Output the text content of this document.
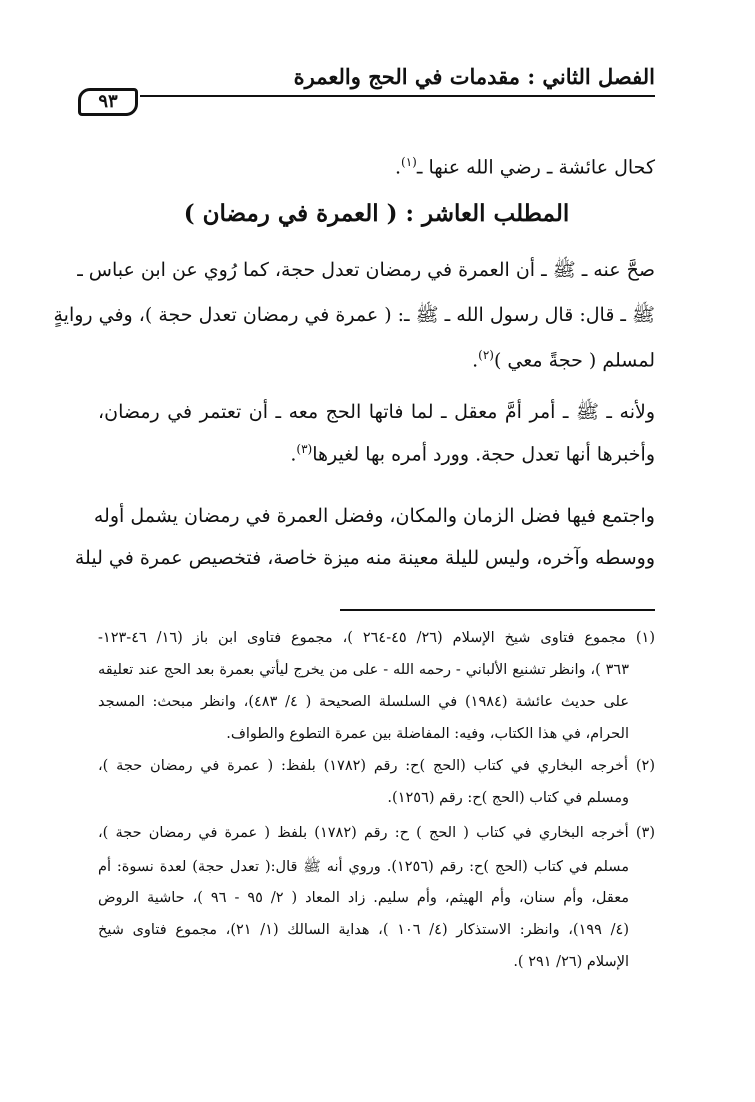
الفصل الثاني : مقدمات في الحج والعمرة
٩٣
كحال عائشة ـ رضي الله عنها ـ$^{(١)}$.
المطلب العاشر : ( العمرة في رمضان )
صحَّ عنه ـ ﷺ ـ أن العمرة في رمضان تعدل حجة، كما رُوي عن ابن عباس ـ
ﷺ ـ قال: قال رسول الله ـ ﷺ ـ: ( عمرة في رمضان تعدل حجة )، وفي روايةٍ
لمسلم ( حجةً معي )$^{(٢)}$.
ولأنه ـ ﷺ ـ أمر أمَّ معقل ـ لما فاتها الحج معه ـ أن تعتمر في رمضان،
وأخبرها أنها تعدل حجة. وورد أمره بها لغيرها$^{(٣)}$.
واجتمع فيها فضل الزمان والمكان، وفضل العمرة في رمضان يشمل أوله
ووسطه وآخره، وليس لليلة معينة منه ميزة خاصة، فتخصيص عمرة في ليلة
(١) مجموع فتاوى شيخ الإسلام (٢٦/ ٤٥-٢٦٤ )، مجموع فتاوى ابن باز (١٦/ ٤٦-١٢٣-
٣٦٣ )، وانظر تشنيع الألباني - رحمه الله - على من يخرج ليأتي بعمرة بعد الحج عند تعليقه
على حديث عائشة (١٩٨٤) في السلسلة الصحيحة ( ٤/ ٤٨٣)، وانظر مبحث: المسجد
الحرام، في هذا الكتاب، وفيه: المفاضلة بين عمرة التطوع والطواف.
(٢) أخرجه البخاري في كتاب (الحج )ح: رقم (١٧٨٢) بلفظ: ( عمرة في رمضان حجة )،
ومسلم في كتاب (الحج )ح: رقم (١٢٥٦).
(٣) أخرجه البخاري في كتاب ( الحج ) ح: رقم (١٧٨٢) بلفظ ( عمرة في رمضان حجة )،
مسلم في كتاب (الحج )ح: رقم (١٢٥٦). وروي أنه ﷺ قال:( تعدل حجة) لعدة نسوة: أم
معقل، وأم سنان، وأم الهيثم، وأم سليم. زاد المعاد ( ٢/ ٩٥ - ٩٦ )، حاشية الروض
(٤/ ١٩٩)، وانظر: الاستذكار (٤/ ١٠٦ )، هداية السالك (١/ ٢١)، مجموع فتاوى شيخ
الإسلام (٢٦/ ٢٩١ ).
